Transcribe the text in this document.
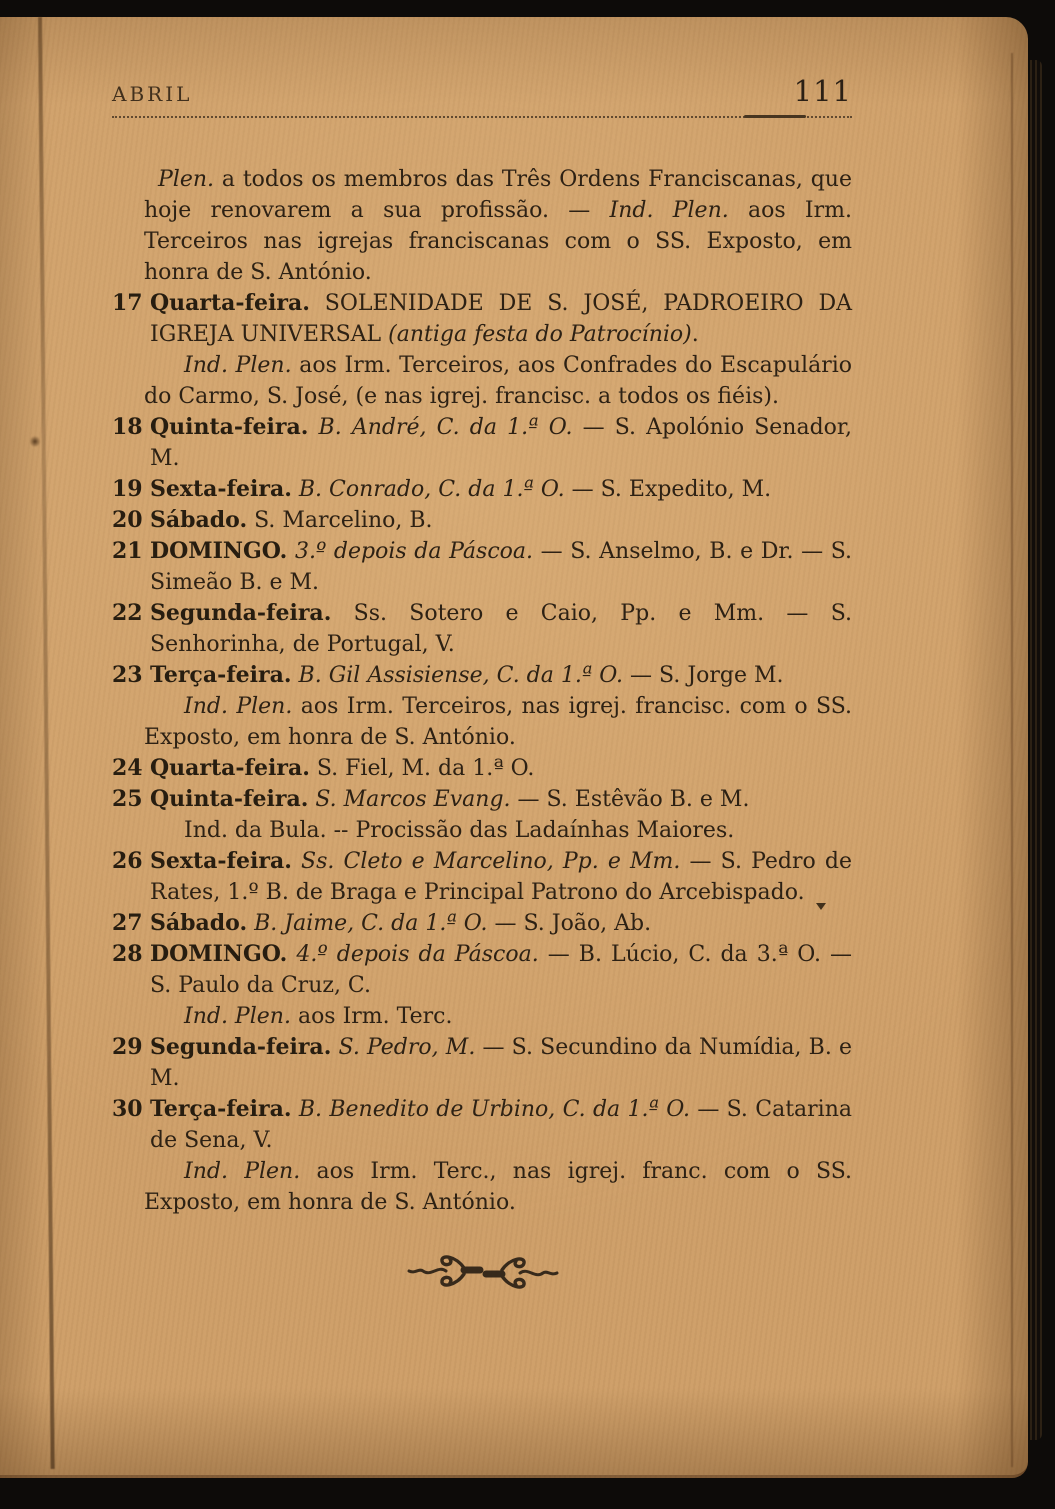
ABRIL	111

Plen. a todos os membros das Três Ordens Franciscanas, que hoje renovarem a sua profissão. — Ind. Plen. aos Irm. Terceiros nas igrejas franciscanas com o SS. Exposto, em honra de S. António.

17 Quarta-feira. SOLENIDADE DE S. JOSÉ, PADROEIRO DA IGREJA UNIVERSAL (antiga festa do Patrocínio).

Ind. Plen. aos Irm. Terceiros, aos Confrades do Escapulário do Carmo, S. José, (e nas igrej. francisc. a todos os fiéis).

18 Quinta-feira. B. André, C. da 1.ª O. — S. Apolónio Senador, M.

19 Sexta-feira. B. Conrado, C. da 1.ª O. — S. Expedito, M.

20 Sábado. S. Marcelino, B.

21 DOMINGO. 3.º depois da Páscoa. — S. Anselmo, B. e Dr. — S. Simeão B. e M.

22 Segunda-feira. Ss. Sotero e Caio, Pp. e Mm. — S. Senhorinha, de Portugal, V.

23 Terça-feira. B. Gil Assisiense, C. da 1.ª O. — S. Jorge M.

Ind. Plen. aos Irm. Terceiros, nas igrej. francisc. com o SS. Exposto, em honra de S. António.

24 Quarta-feira. S. Fiel, M. da 1.ª O.

25 Quinta-feira. S. Marcos Evang. — S. Estêvão B. e M.

Ind. da Bula. -- Procissão das Ladaínhas Maiores.

26 Sexta-feira. Ss. Cleto e Marcelino, Pp. e Mm. — S. Pedro de Rates, 1.º B. de Braga e Principal Patrono do Arcebispado.

27 Sábado. B. Jaime, C. da 1.ª O. — S. João, Ab.

28 DOMINGO. 4.º depois da Páscoa. — B. Lúcio, C. da 3.ª O. — S. Paulo da Cruz, C.

Ind. Plen. aos Irm. Terc.

29 Segunda-feira. S. Pedro, M. — S. Secundino da Numídia, B. e M.

30 Terça-feira. B. Benedito de Urbino, C. da 1.ª O. — S. Catarina de Sena, V.

Ind. Plen. aos Irm. Terc., nas igrej. franc. com o SS. Exposto, em honra de S. António.
